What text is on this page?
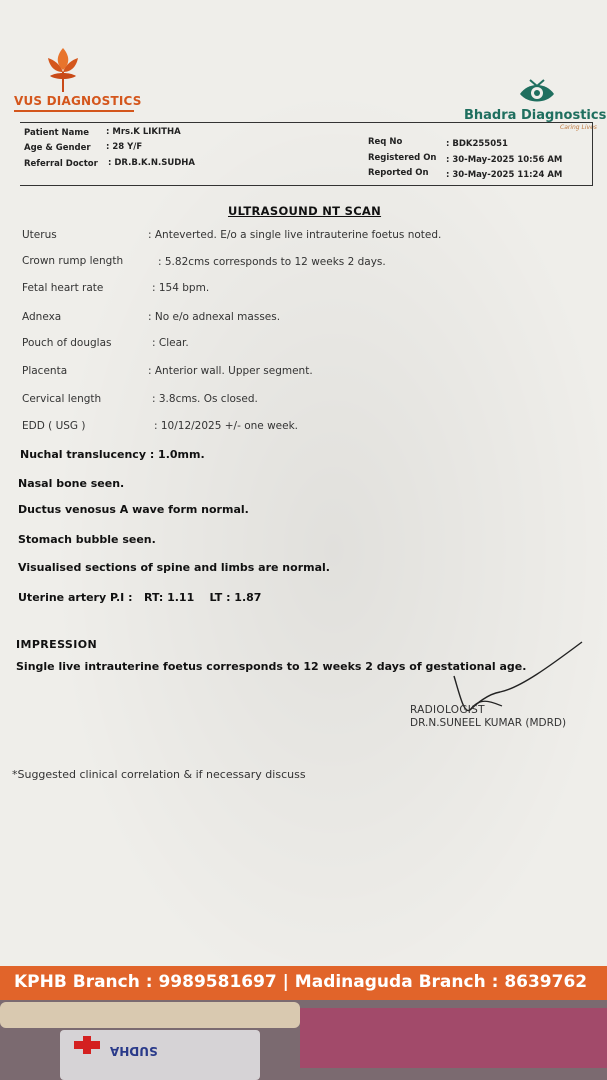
VUS DIAGNOSTICS
Bhadra Diagnostics
Caring Lives
Patient Name : Mrs.K LIKITHA
Age & Gender : 28 Y/F
Referral Doctor : DR.B.K.N.SUDHA
Req No	: BDK255051
Registered On : 30-May-2025 10:56 AM
Reported On : 30-May-2025 11:24 AM
ULTRASOUND NT SCAN
Uterus	: Anteverted. E/o a single live intrauterine foetus noted.
Crown rump length	: 5.82cms corresponds to 12 weeks 2 days.
Fetal heart rate	: 154 bpm.
Adnexa	: No e/o adnexal masses.
Pouch of douglas	: Clear.
Placenta	: Anterior wall. Upper segment.
Cervical length	: 3.8cms. Os closed.
EDD ( USG )	: 10/12/2025 +/- one week.
Nuchal translucency : 1.0mm.
Nasal bone seen.
Ductus venosus A wave form normal.
Stomach bubble seen.
Visualised sections of spine and limbs are normal.
Uterine artery P.I :   RT: 1.11    LT : 1.87
IMPRESSION
Single live intrauterine foetus corresponds to 12 weeks 2 days of gestational age.
RADIOLOGIST
DR.N.SUNEEL KUMAR (MDRD)
*Suggested clinical correlation & if necessary discuss
KPHB Branch : 9989581697 | Madinaguda Branch : 8639762
SUDHA
